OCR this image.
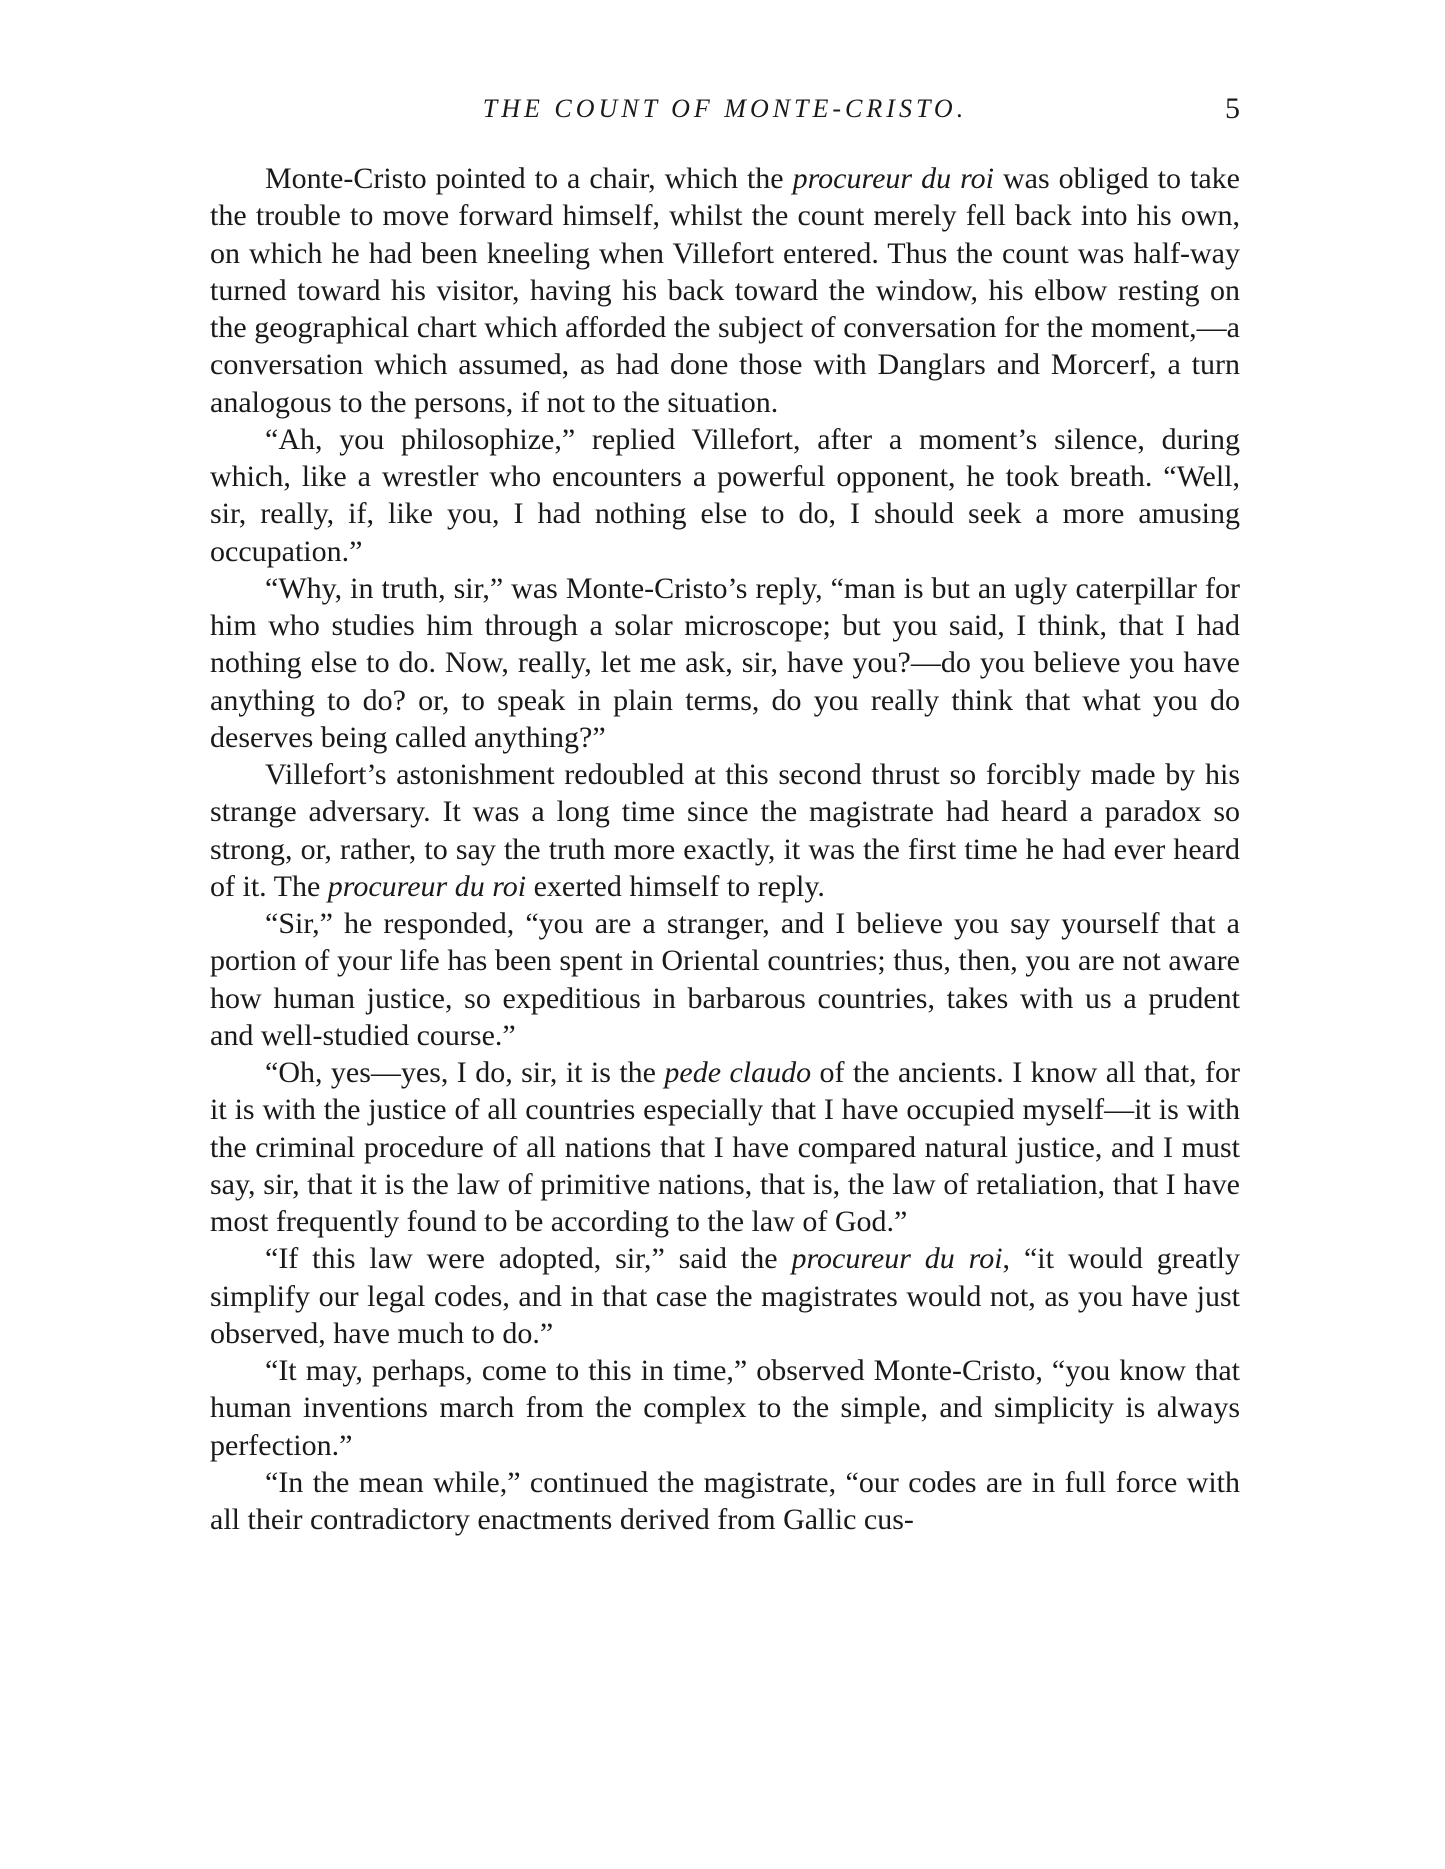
THE COUNT OF MONTE-CRISTO.	5

Monte-Cristo pointed to a chair, which the procureur du roi was obliged to take the trouble to move forward himself, whilst the count merely fell back into his own, on which he had been kneeling when Villefort entered. Thus the count was half-way turned toward his visitor, having his back toward the window, his elbow resting on the geographical chart which afforded the subject of conversation for the moment,—a conversation which assumed, as had done those with Danglars and Morcerf, a turn analogous to the persons, if not to the situation.

“Ah, you philosophize,” replied Villefort, after a moment’s silence, during which, like a wrestler who encounters a powerful opponent, he took breath. “Well, sir, really, if, like you, I had nothing else to do, I should seek a more amusing occupation.”

“Why, in truth, sir,” was Monte-Cristo’s reply, “man is but an ugly caterpillar for him who studies him through a solar microscope; but you said, I think, that I had nothing else to do. Now, really, let me ask, sir, have you?—do you believe you have anything to do? or, to speak in plain terms, do you really think that what you do deserves being called anything?”

Villefort’s astonishment redoubled at this second thrust so forcibly made by his strange adversary. It was a long time since the magistrate had heard a paradox so strong, or, rather, to say the truth more exactly, it was the first time he had ever heard of it. The procureur du roi exerted himself to reply.

“Sir,” he responded, “you are a stranger, and I believe you say yourself that a portion of your life has been spent in Oriental countries; thus, then, you are not aware how human justice, so expeditious in barbarous countries, takes with us a prudent and well-studied course.”

“Oh, yes—yes, I do, sir, it is the pede claudo of the ancients. I know all that, for it is with the justice of all countries especially that I have occupied myself—it is with the criminal procedure of all nations that I have compared natural justice, and I must say, sir, that it is the law of primitive nations, that is, the law of retaliation, that I have most frequently found to be according to the law of God.”

“If this law were adopted, sir,” said the procureur du roi, “it would greatly simplify our legal codes, and in that case the magistrates would not, as you have just observed, have much to do.”

“It may, perhaps, come to this in time,” observed Monte-Cristo, “you know that human inventions march from the complex to the simple, and simplicity is always perfection.”

“In the mean while,” continued the magistrate, “our codes are in full force with all their contradictory enactments derived from Gallic cus-
